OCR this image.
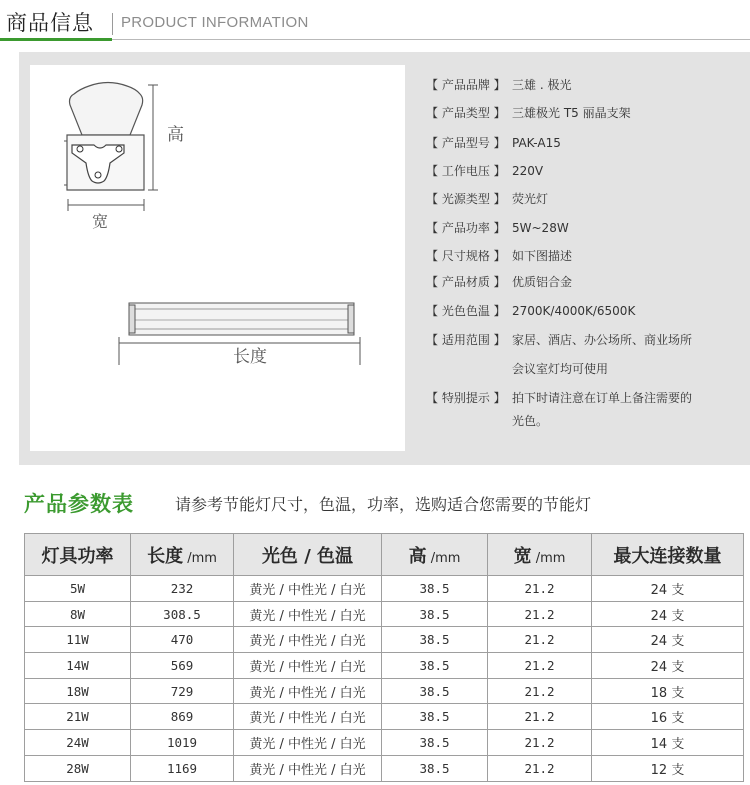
商品信息 PRODUCT INFORMATION
高
宽
长度
【 产品品牌 】 三雄 . 极光
【 产品类型 】三雄极光 T5 丽晶支架
【 产品型号 】PAK-A15
【 工作电压 】 220V
【 光源类型 】 荧光灯
【 产品功率 】 5W~28W
【 尺寸规格 】 如下图描述
【 产品材质 】 优质铝合金
【 光色色温 】 2700K/4000K/6500K
【 适用范围 】 家居、酒店、办公场所、商业场所
会议室灯均可使用
【 特别提示 】 拍下时请注意在订单上备注需要的
光色。
产品参数表	请参考节能灯尺寸，色温，功率，选购适合您需要的节能灯
灯具功率	长度 /mm	光色 / 色温	高 /mm	宽 /mm	最大连接数量
5W	232	黄光 / 中性光 / 白光	38.5	21.2	24 支
8W	308.5	黄光 / 中性光 / 白光	38.5	21.2	24 支
11W	470	黄光 / 中性光 / 白光	38.5	21.2	24 支
14W	569	黄光 / 中性光 / 白光	38.5	21.2	24 支
18W	729	黄光 / 中性光 / 白光	38.5	21.2	18 支
21W	869	黄光 / 中性光 / 白光	38.5	21.2	16 支
24W	1019	黄光 / 中性光 / 白光	38.5	21.2	14 支
28W	1169	黄光 / 中性光 / 白光	38.5	21.2	12 支
